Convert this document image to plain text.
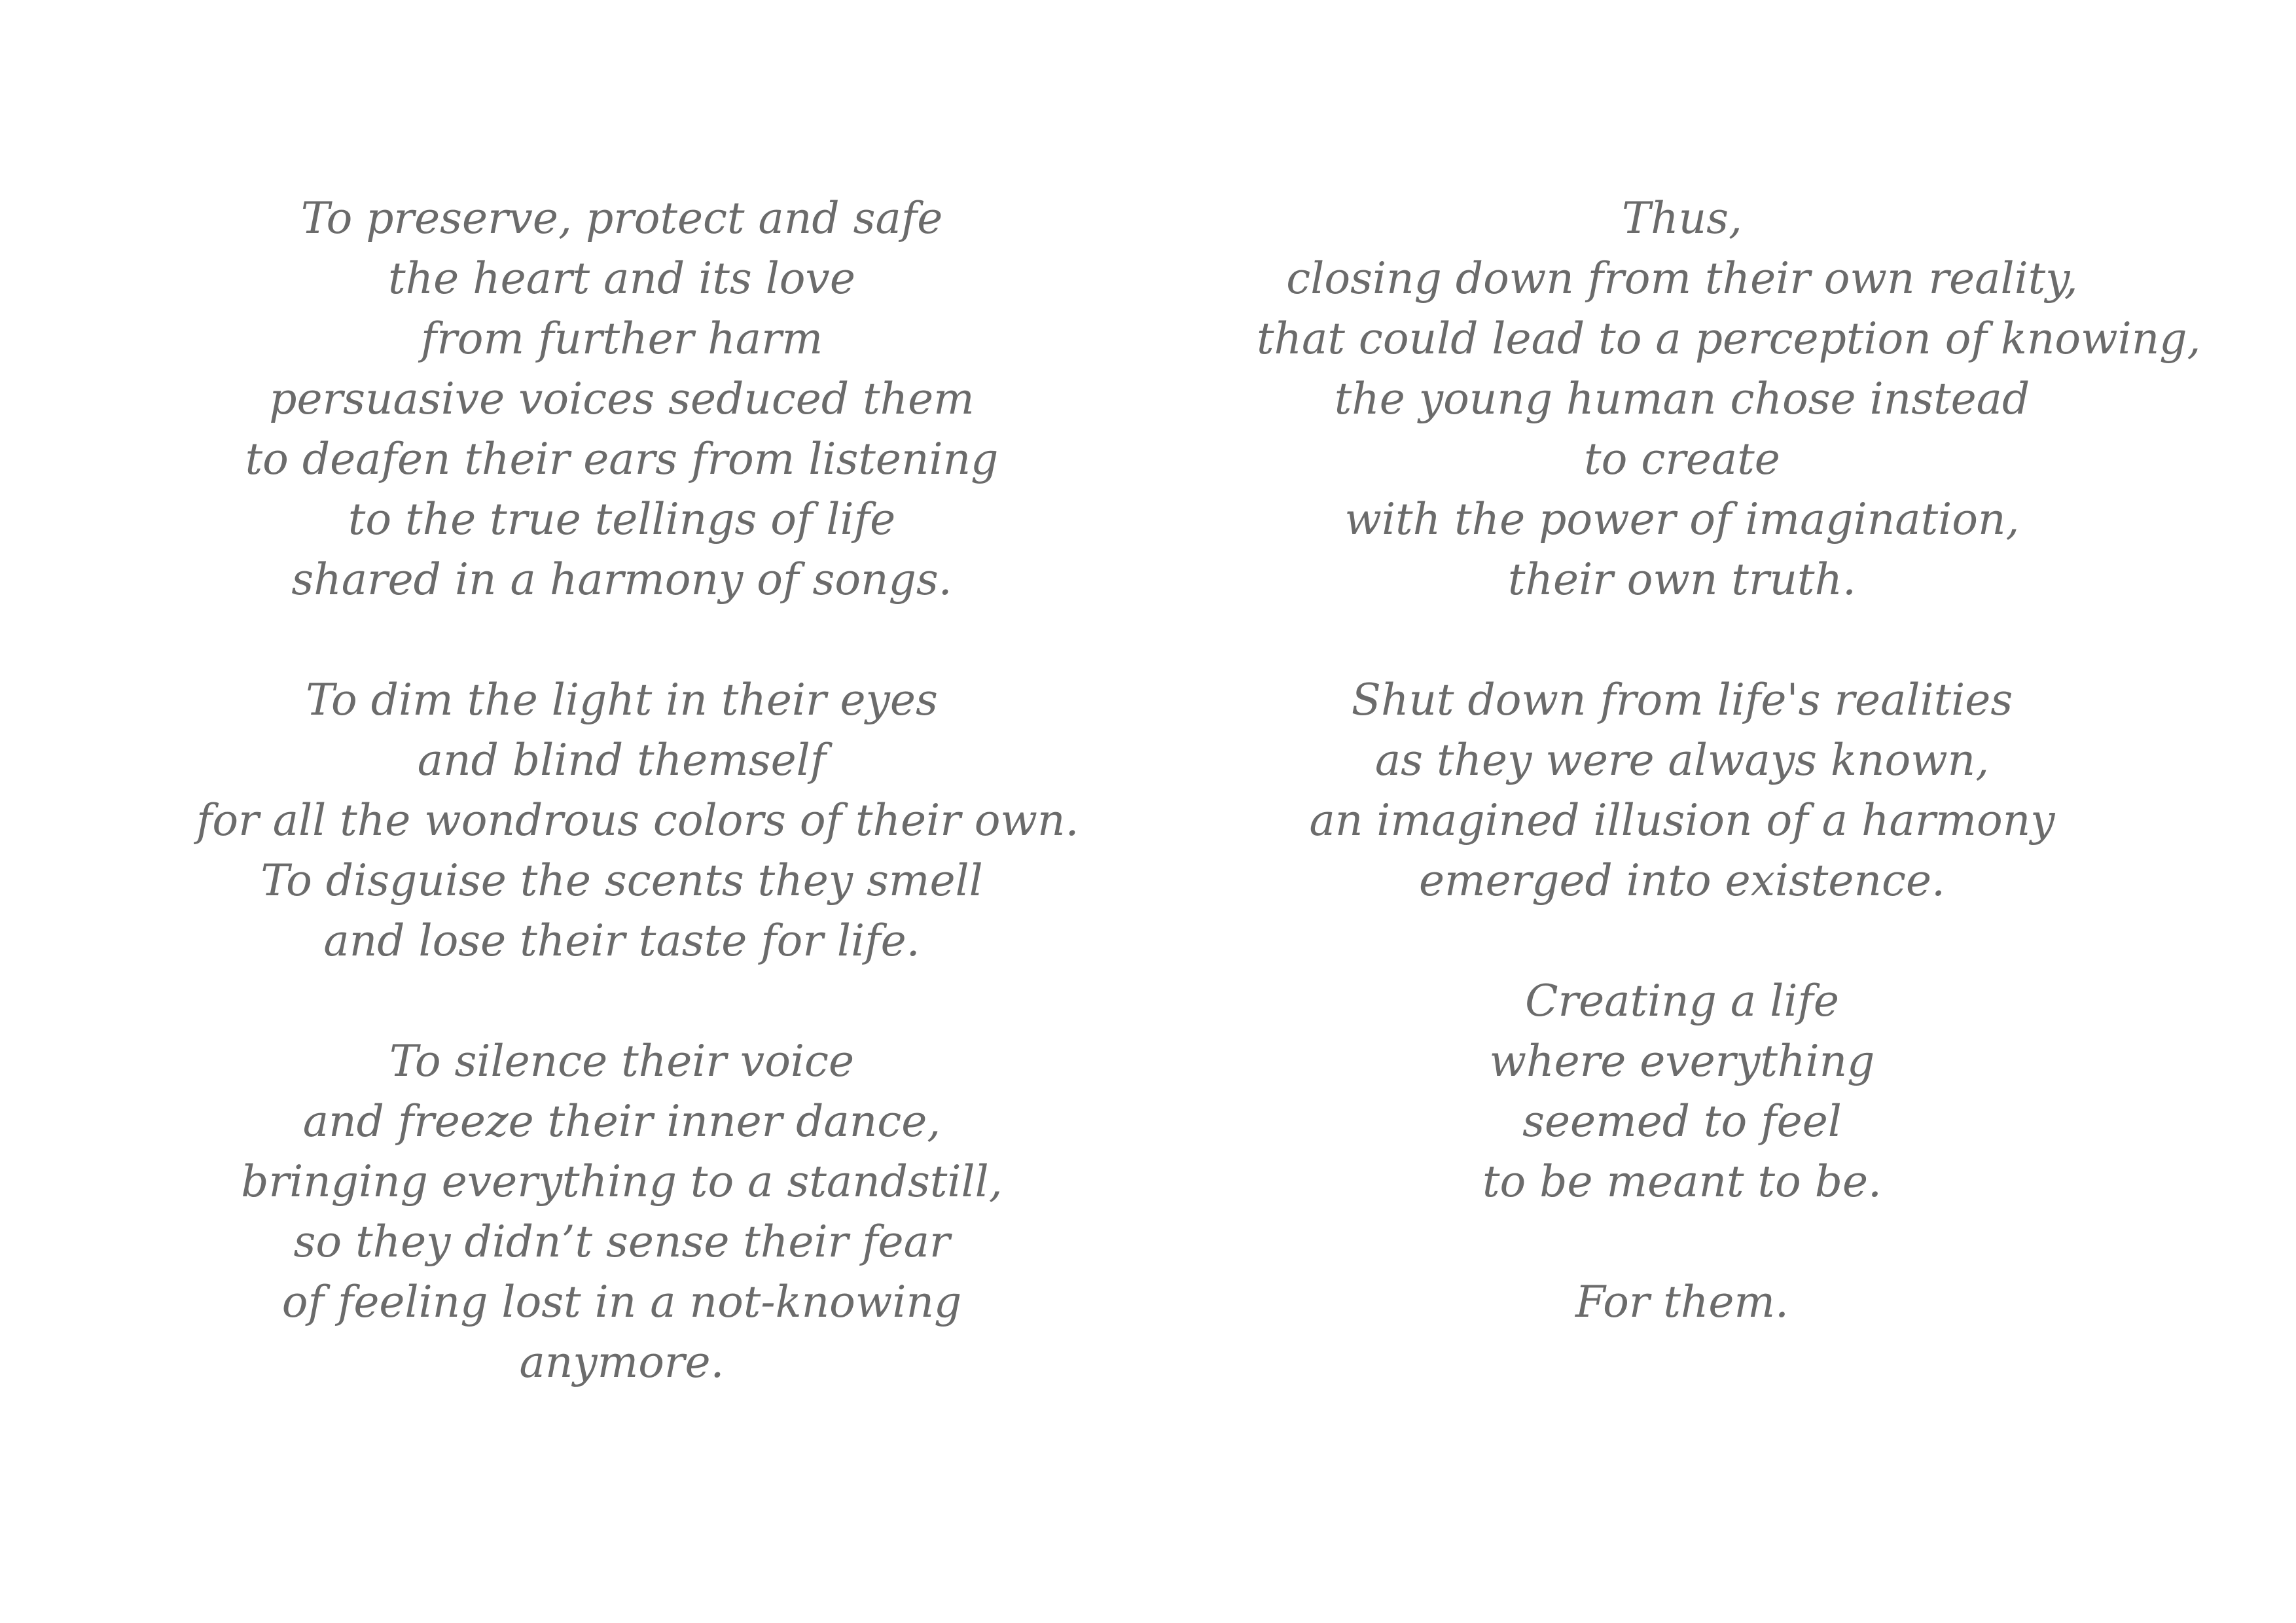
To preserve, protect and safe
the heart and its love
from further harm
persuasive voices seduced them
to deafen their ears from listening
to the true tellings of life
shared in a harmony of songs.

To dim the light in their eyes
and blind themself
for all the wondrous colors of their own.
To disguise the scents they smell
and lose their taste for life.

To silence their voice
and freeze their inner dance,
bringing everything to a standstill,
so they didn’t sense their fear
of feeling lost in a not-knowing
anymore.

Thus,
closing down from their own reality,
that could lead to a perception of knowing,
the young human chose instead
to create
with the power of imagination,
their own truth.

Shut down from life's realities
as they were always known,
an imagined illusion of a harmony
emerged into existence.

Creating a life
where everything
seemed to feel
to be meant to be.

For them.
